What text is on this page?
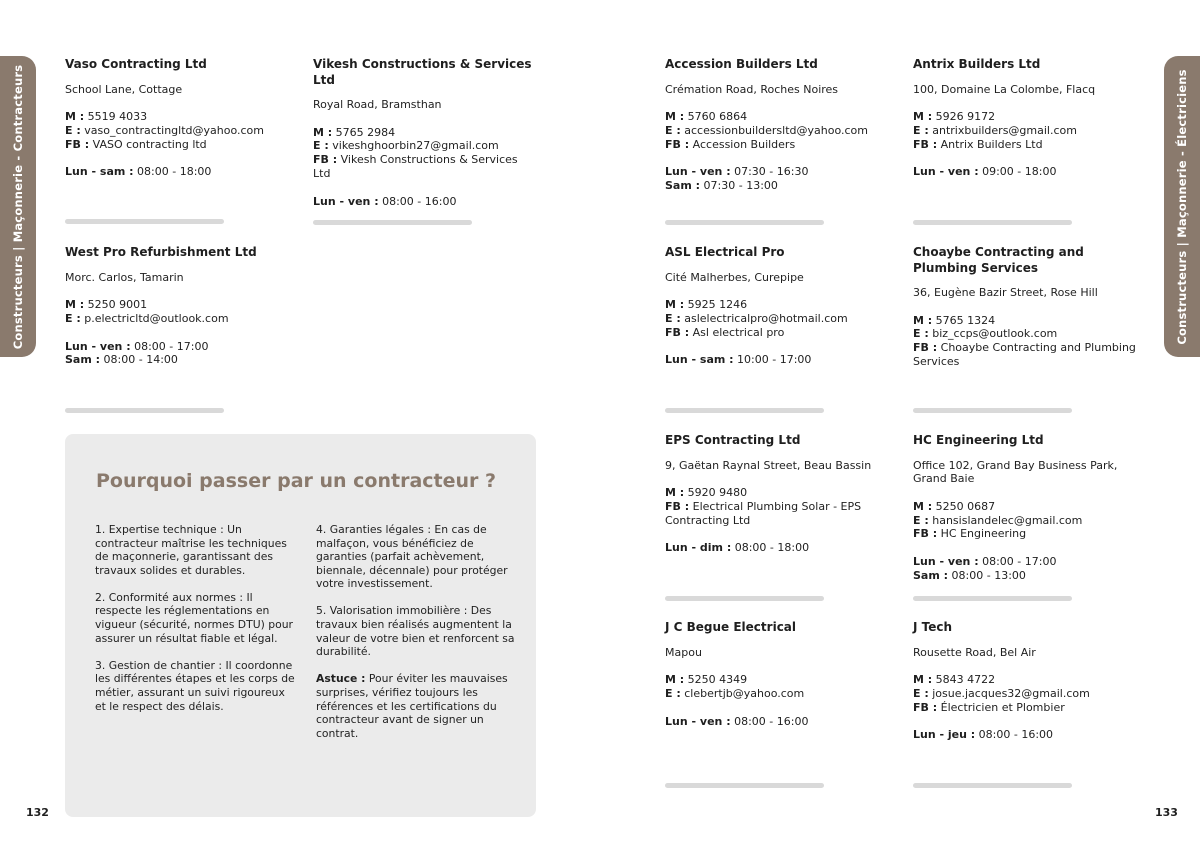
Constructeurs | Maçonnerie - Contracteurs	Constructeurs | Maçonnerie - Électriciens

Vaso Contracting Ltd

School Lane, Cottage

M : 5519 4033

E : vaso_contractingltd@yahoo.com

FB : VASO contracting ltd

Lun - sam : 08:00 - 18:00

Vikesh Constructions & Services Ltd

Royal Road, Bramsthan

M : 5765 2984

E : vikeshghoorbin27@gmail.com

FB : Vikesh Constructions & Services Ltd

Lun - ven : 08:00 - 16:00

West Pro Refurbishment Ltd

Morc. Carlos, Tamarin

M : 5250 9001

E : p.electricltd@outlook.com

Lun - ven : 08:00 - 17:00

Sam : 08:00 - 14:00

Accession Builders Ltd

Crémation Road, Roches Noires

M : 5760 6864

E : accessionbuildersltd@yahoo.com

FB : Accession Builders

Lun - ven : 07:30 - 16:30

Sam : 07:30 - 13:00

Antrix Builders Ltd

100, Domaine La Colombe, Flacq

M : 5926 9172

E : antrixbuilders@gmail.com

FB : Antrix Builders Ltd

Lun - ven : 09:00 - 18:00

ASL Electrical Pro

Cité Malherbes, Curepipe

M : 5925 1246

E : aslelectricalpro@hotmail.com

FB : Asl electrical pro

Lun - sam : 10:00 - 17:00

Choaybe Contracting and Plumbing Services

36, Eugène Bazir Street, Rose Hill

M : 5765 1324

E : biz_ccps@outlook.com

FB : Choaybe Contracting and Plumbing Services

EPS Contracting Ltd

9, Gaëtan Raynal Street, Beau Bassin

M : 5920 9480

FB : Electrical Plumbing Solar - EPS Contracting Ltd

Lun - dim : 08:00 - 18:00

HC Engineering Ltd

Office 102, Grand Bay Business Park, Grand Baie

M : 5250 0687

E : hansislandelec@gmail.com

FB : HC Engineering

Lun - ven : 08:00 - 17:00

Sam : 08:00 - 13:00

J C Begue Electrical

Mapou

M : 5250 4349

E : clebertjb@yahoo.com

Lun - ven : 08:00 - 16:00

J Tech

Rousette Road, Bel Air

M : 5843 4722

E : josue.jacques32@gmail.com

FB : Électricien et Plombier

Lun - jeu : 08:00 - 16:00

Pourquoi passer par un contracteur ?

1. Expertise technique : Un contracteur maîtrise les techniques de maçonnerie, garantissant des travaux solides et durables.

2. Conformité aux normes : Il respecte les réglementations en vigueur (sécurité, normes DTU) pour assurer un résultat fiable et légal.

3. Gestion de chantier : Il coordonne les différentes étapes et les corps de métier, assurant un suivi rigoureux et le respect des délais.

4. Garanties légales : En cas de malfaçon, vous bénéficiez de garanties (parfait achèvement, biennale, décennale) pour protéger votre investissement.

5. Valorisation immobilière : Des travaux bien réalisés augmentent la valeur de votre bien et renforcent sa durabilité.

Astuce : Pour éviter les mauvaises surprises, vérifiez toujours les références et les certifications du contracteur avant de signer un contrat.

132	133
